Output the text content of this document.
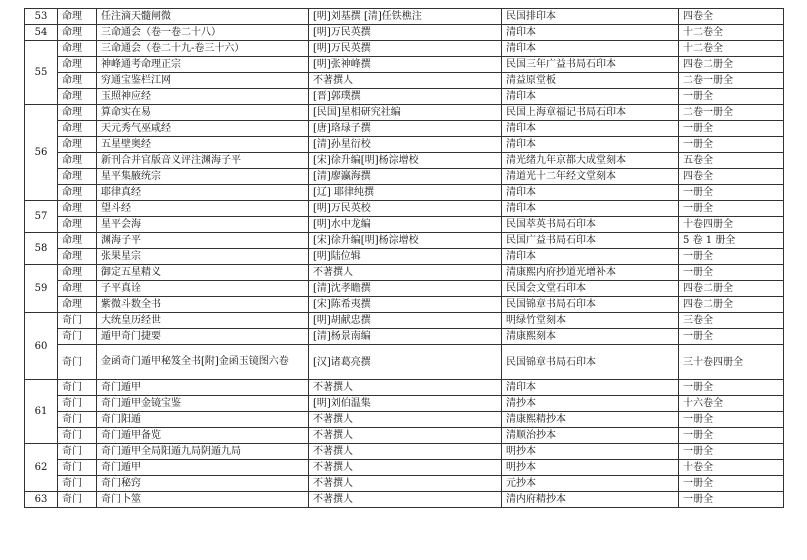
53	命理	任注滴天髓闸微	[明]刘基撰 [清]任铁樵注	民国排印本	四卷全
54	命理	三命通会（卷一卷二十八）	[明]万民英撰	清印本	十二卷全
55	命理	三命通会（卷二十九-卷三十六）	[明]万民英撰	清印本	十二卷全
	命理	神峰通考命理正宗	[明]张神峰撰	民国三年广益书局石印本	四卷二册全
	命理	穷通宝鉴栏江网	不著撰人	清益原堂板	二卷一册全
	命理	玉照神应经	[晋]郭璞撰	清印本	一册全
56	命理	算命实在易	[民国]星相研究社编	民国上海章福记书局石印本	二卷一册全
	命理	天元秀气巫咸经	[唐]珞琭子撰	清印本	一册全
	命理	五星壁奥经	[清]孙星衍校	清印本	一册全
	命理	新刊合并官版音义评注渊海子平	[宋]徐升编[明]杨淙增校	清光绪九年京都大成堂刻本	五卷全
	命理	星平集腋统宗	[清]廖瀛海撰	清道光十二年经文堂刻本	四卷全
	命理	耶律真经	[辽] 耶律纯撰	清印本	一册全
57	命理	望斗经	[明]万民英校	清印本	一册全
	命理	星平会海	[明]水中龙编	民国萃英书局石印本	十卷四册全
58	命理	渊海子平	[宋]徐升编[明]杨淙增校	民国广益书局石印本	5 卷 1 册全
	命理	张果星宗	[明]陆位辑	清印本	一册全
59	命理	御定五星精义	不著撰人	清康熙内府抄道光增补本	一册全
	命理	子平真诠	[清]沈孝瞻撰	民国会文堂石印本	四卷二册全
	命理	紫微斗数全书	[宋]陈希夷撰	民国锦章书局石印本	四卷二册全
60	奇门	大统皇历经世	[明]胡献忠撰	明绿竹堂刻本	三卷全
	奇门	遁甲奇门捷要	[清]杨景南编	清康熙刻本	一册全
	奇门	金函奇门遁甲秘笈全书[附]金函玉镜图六卷	[汉]诸葛亮撰	民国锦章书局石印本	三十卷四册全
61	奇门	奇门遁甲	不著撰人	清印本	一册全
	奇门	奇门遁甲金镜宝鉴	[明]刘伯温集	清抄本	十六卷全
	奇门	奇门阳遁	不著撰人	清康熙精抄本	一册全
	奇门	奇门遁甲备览	不著撰人	清顺治抄本	一册全
62	奇门	奇门遁甲全局阳遁九局阴遁九局	不著撰人	明抄本	一册全
	奇门	奇门遁甲	不著撰人	明抄本	十卷全
	奇门	奇门秘窍	不著撰人	元抄本	一册全
63	奇门	奇门卜筮	不著撰人	清内府精抄本	一册全
